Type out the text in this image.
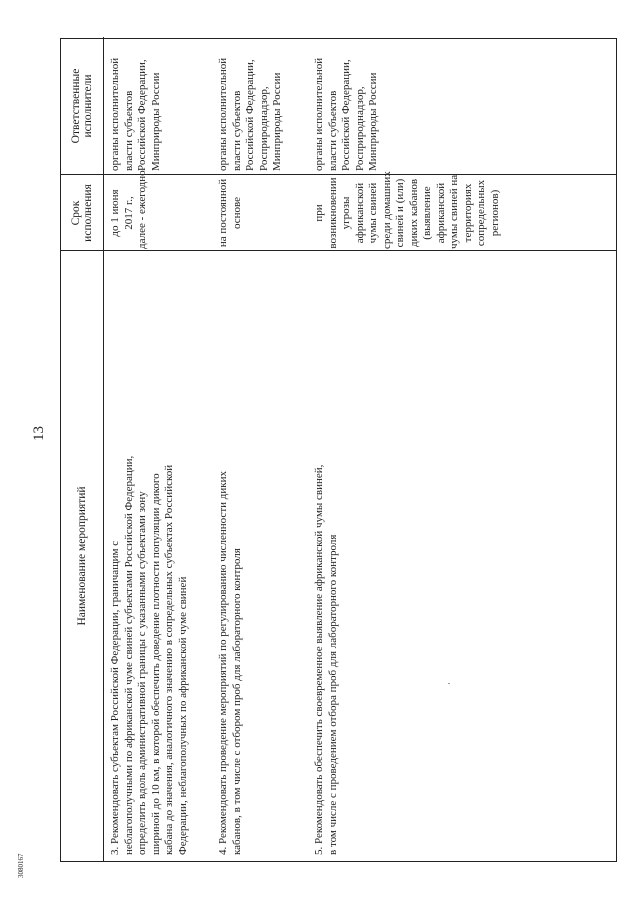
13
3080167
Наименование мероприятий
Срок исполнения
Ответственные исполнители
3. Рекомендовать субъектам Российской Федерации, граничащим с неблагополучными по африканской чуме свиней субъектами Российской Федерации, определить вдоль административной границы с указанными субъектами зону шириной до 10 км, в которой обеспечить доведение плотности популяции дикого кабана до значения, аналогичного значению в сопредельных субъектах Российской Федерации, неблагополучных по африканской чуме свиней
до 1 июня 2017 г., далее - ежегодно
органы исполнительной власти субъектов Российской Федерации, Минприроды России
4. Рекомендовать проведение мероприятий по регулированию численности диких кабанов, в том числе с отбором проб для лабораторного контроля
на постоянной основе
органы исполнительной власти субъектов Российской Федерации, Росприроднадзор, Минприроды России
5. Рекомендовать обеспечить своевременное выявление африканской чумы свиней, в том числе с проведением отбора проб для лабораторного контроля
при возникновении угрозы африканской чумы свиней среди домашних свиней и (или) диких кабанов (выявление африканской чумы свиней на территориях сопредельных регионов)
органы исполнительной власти субъектов Российской Федерации, Росприроднадзор, Минприроды России
